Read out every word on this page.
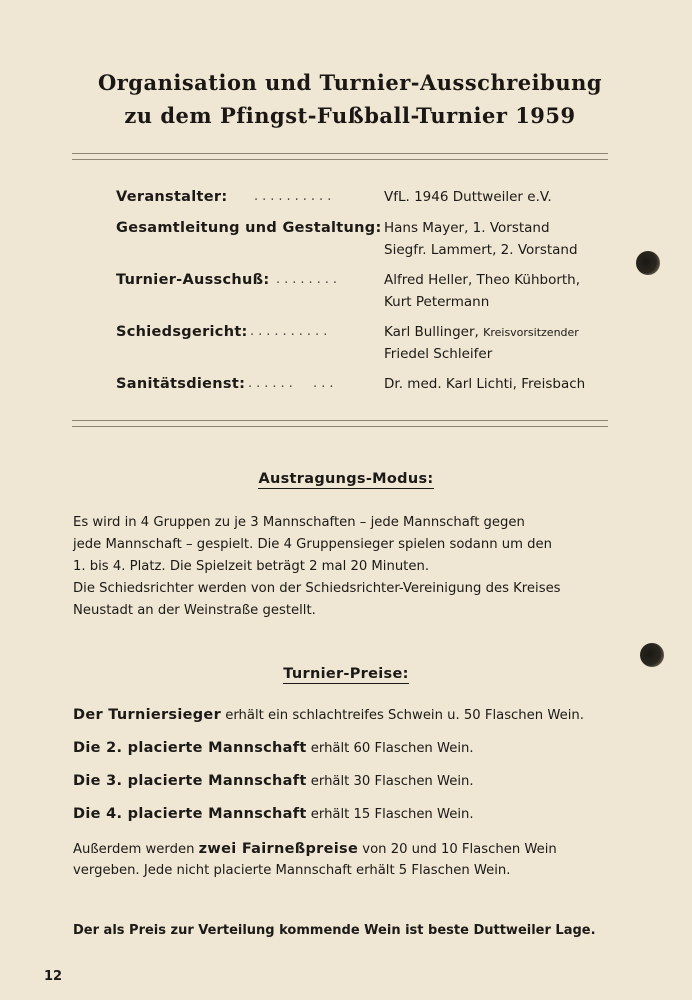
Organisation und Turnier-Ausschreibung
zu dem Pfingst-Fußball-Turnier 1959
Veranstalter: ..........	VfL. 1946 Duttweiler e.V.
Gesamtleitung und Gestaltung: Hans Mayer, 1. Vorstand
Siegfr. Lammert, 2. Vorstand
Turnier-Ausschuß: ........	Alfred Heller, Theo Kühborth,
Kurt Petermann
Schiedsgericht: ..........	Karl Bullinger, Kreisvorsitzender
Friedel Schleifer
Sanitätsdienst: ......  ...	Dr. med. Karl Lichti, Freisbach
Austragungs-Modus:
Es wird in 4 Gruppen zu je 3 Mannschaften – jede Mannschaft gegen
jede Mannschaft – gespielt. Die 4 Gruppensieger spielen sodann um den
1. bis 4. Platz. Die Spielzeit beträgt 2 mal 20 Minuten.
Die Schiedsrichter werden von der Schiedsrichter-Vereinigung des Kreises
Neustadt an der Weinstraße gestellt.
Turnier-Preise:
Der Turniersieger erhält ein schlachtreifes Schwein u. 50 Flaschen Wein.
Die 2. placierte Mannschaft erhält 60 Flaschen Wein.
Die 3. placierte Mannschaft erhält 30 Flaschen Wein.
Die 4. placierte Mannschaft erhält 15 Flaschen Wein.
Außerdem werden zwei Fairneßpreise von 20 und 10 Flaschen Wein
vergeben. Jede nicht placierte Mannschaft erhält 5 Flaschen Wein.
Der als Preis zur Verteilung kommende Wein ist beste Duttweiler Lage.
12
